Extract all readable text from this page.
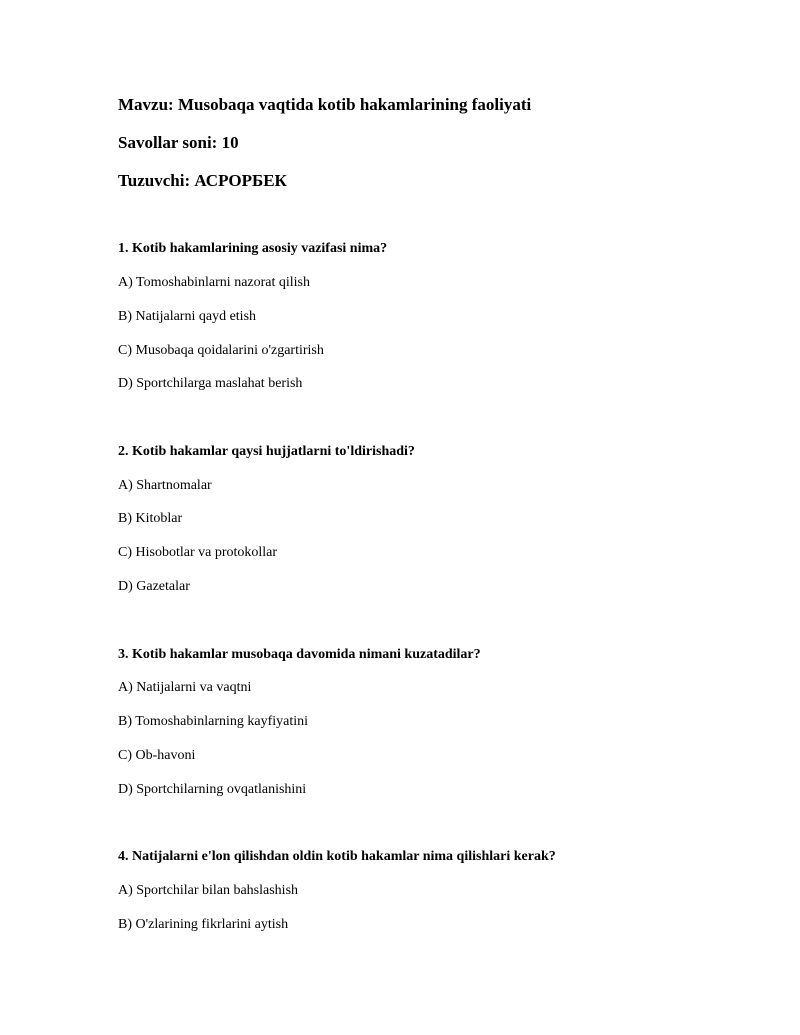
Mavzu: Musobaqa vaqtida kotib hakamlarining faoliyati
Savollar soni: 10
Tuzuvchi: АСРОРБЕК
1. Kotib hakamlarining asosiy vazifasi nima?
A) Tomoshabinlarni nazorat qilish
B) Natijalarni qayd etish
C) Musobaqa qoidalarini o'zgartirish
D) Sportchilarga maslahat berish
2. Kotib hakamlar qaysi hujjatlarni to'ldirishadi?
A) Shartnomalar
B) Kitoblar
C) Hisobotlar va protokollar
D) Gazetalar
3. Kotib hakamlar musobaqa davomida nimani kuzatadilar?
A) Natijalarni va vaqtni
B) Tomoshabinlarning kayfiyatini
C) Ob-havoni
D) Sportchilarning ovqatlanishini
4. Natijalarni e'lon qilishdan oldin kotib hakamlar nima qilishlari kerak?
A) Sportchilar bilan bahslashish
B) O'zlarining fikrlarini aytish
